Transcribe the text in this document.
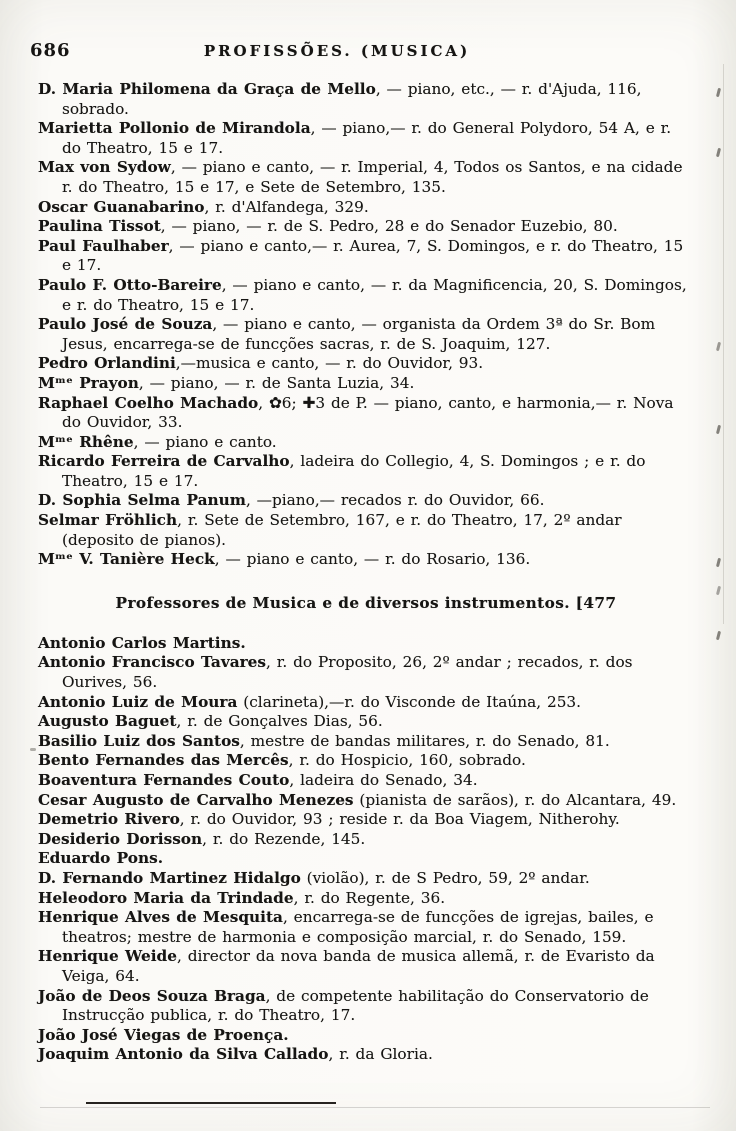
686	PROFISSÕES. (MUSICA)

D. Maria Philomena da Graça de Mello, — piano, etc., — r. d'Ajuda, 116, sobrado.

Marietta Pollonio de Mirandola, — piano,— r. do General Polydoro, 54 A, e r. do Theatro, 15 e 17.

Max von Sydow, — piano e canto, — r. Imperial, 4, Todos os Santos, e na cidade r. do Theatro, 15 e 17, e Sete de Setembro, 135.

Oscar Guanabarino, r. d'Alfandega, 329.

Paulina Tissot, — piano, — r. de S. Pedro, 28 e do Senador Euzebio, 80.

Paul Faulhaber, — piano e canto,— r. Aurea, 7, S. Domingos, e r. do Theatro, 15 e 17.

Paulo F. Otto-Bareire, — piano e canto, — r. da Magnificencia, 20, S. Domingos, e r. do Theatro, 15 e 17.

Paulo José de Souza, — piano e canto, — organista da Ordem 3ª do Sr. Bom Jesus, encarrega-se de funcções sacras, r. de S. Joaquim, 127.

Pedro Orlandini,—musica e canto, — r. do Ouvidor, 93.

Mᵐᵉ Prayon, — piano, — r. de Santa Luzia, 34.

Raphael Coelho Machado, ✿6; ✚3 de P. — piano, canto, e harmonia,— r. Nova do Ouvidor, 33.

Mᵐᵉ Rhêne, — piano e canto.

Ricardo Ferreira de Carvalho, ladeira do Collegio, 4, S. Domingos ; e r. do Theatro, 15 e 17.

D. Sophia Selma Panum, —piano,— recados r. do Ouvidor, 66.

Selmar Fröhlich, r. Sete de Setembro, 167, e r. do Theatro, 17, 2º andar (deposito de pianos).

Mᵐᵉ V. Tanière Heck, — piano e canto, — r. do Rosario, 136.

Professores de Musica e de diversos instrumentos. [477

Antonio Carlos Martins.

Antonio Francisco Tavares, r. do Proposito, 26, 2º andar ; recados, r. dos Ourives, 56.

Antonio Luiz de Moura (clarineta),—r. do Visconde de Itaúna, 253.

Augusto Baguet, r. de Gonçalves Dias, 56.

Basilio Luiz dos Santos, mestre de bandas militares, r. do Senado, 81.

Bento Fernandes das Mercês, r. do Hospicio, 160, sobrado.

Boaventura Fernandes Couto, ladeira do Senado, 34.

Cesar Augusto de Carvalho Menezes (pianista de sarãos), r. do Alcantara, 49.

Demetrio Rivero, r. do Ouvidor, 93 ; reside r. da Boa Viagem, Nitherohy.

Desiderio Dorisson, r. do Rezende, 145.

Eduardo Pons.

D. Fernando Martinez Hidalgo (violão), r. de S Pedro, 59, 2º andar.

Heleodoro Maria da Trindade, r. do Regente, 36.

Henrique Alves de Mesquita, encarrega-se de funcções de igrejas, bailes, e theatros; mestre de harmonia e composição marcial, r. do Senado, 159.

Henrique Weide, director da nova banda de musica allemã, r. de Evaristo da Veiga, 64.

João de Deos Souza Braga, de competente habilitação do Conservatorio de Instrucção publica, r. do Theatro, 17.

João José Viegas de Proença.

Joaquim Antonio da Silva Callado, r. da Gloria.
